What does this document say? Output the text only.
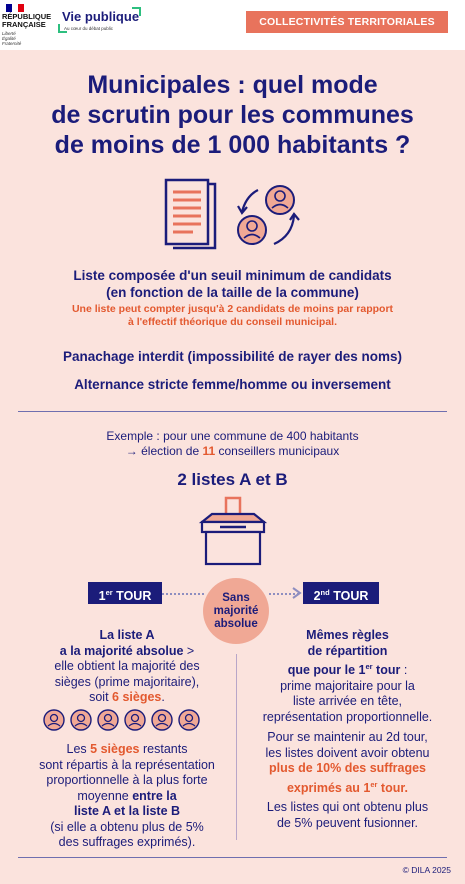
RÉPUBLIQUE
FRANÇAISE
Liberté
Égalité
Fraternité
Vie publique
Au cœur du débat public
COLLECTIVITÉS TERRITORIALES
Municipales : quel mode
de scrutin pour les communes
de moins de 1 000 habitants ?
Liste composée d'un seuil minimum de candidats
(en fonction de la taille de la commune)
Une liste peut compter jusqu'à 2 candidats de moins par rapport
à l'effectif théorique du conseil municipal.
Panachage interdit (impossibilité de rayer des noms)
Alternance stricte femme/homme ou inversement
Exemple : pour une commune de 400 habitants
→ élection de 11 conseillers municipaux
2 listes A et B
1er TOUR	2nd TOUR
Sans
majorité
absolue

La liste A

a la majorité absolue >

elle obtient la majorité des

sièges (prime majoritaire),

soit 6 sièges.

Les 5 sièges restants

sont répartis à la représentation

proportionnelle à la plus forte

moyenne entre la

liste A et la liste B

(si elle a obtenu plus de 5%

des suffrages exprimés).

Mêmes règles

de répartition

que pour le 1er tour :

prime majoritaire pour la

liste arrivée en tête,

représentation proportionnelle.

Pour se maintenir au 2d tour,

les listes doivent avoir obtenu

plus de 10% des suffrages

exprimés au 1er tour.

Les listes qui ont obtenu plus

de 5% peuvent fusionner.

© DILA 2025
